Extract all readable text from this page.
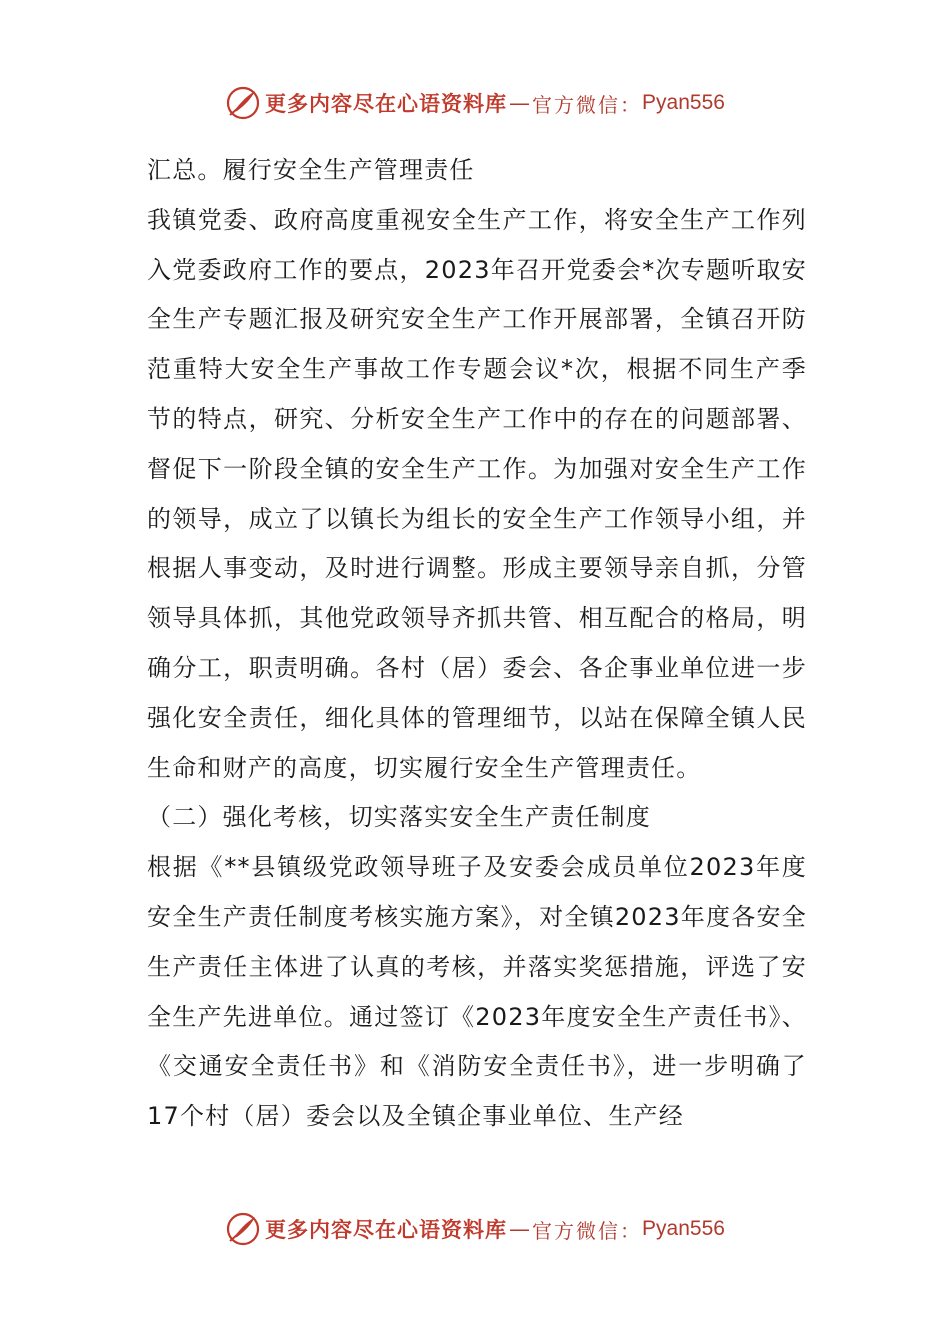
更多内容尽在心语资料库 — 官方微信： Pyan556

汇总。履行安全生产管理责任

我镇党委、政府高度重视安全生产工作，将安全生产工作列入党委政府工作的要点，2023年召开党委会*次专题听取安全生产专题汇报及研究安全生产工作开展部署，全镇召开防范重特大安全生产事故工作专题会议*次，根据不同生产季节的特点，研究、分析安全生产工作中的存在的问题部署、督促下一阶段全镇的安全生产工作。为加强对安全生产工作的领导，成立了以镇长为组长的安全生产工作领导小组，并根据人事变动，及时进行调整。形成主要领导亲自抓，分管领导具体抓，其他党政领导齐抓共管、相互配合的格局，明确分工，职责明确。各村（居）委会、各企事业单位进一步强化安全责任，细化具体的管理细节，以站在保障全镇人民生命和财产的高度，切实履行安全生产管理责任。

（二）强化考核，切实落实安全生产责任制度

根据《**县镇级党政领导班子及安委会成员单位2023年度安全生产责任制度考核实施方案》，对全镇2023年度各安全生产责任主体进了认真的考核，并落实奖惩措施，评选了安全生产先进单位。通过签订《2023年度安全生产责任书》、《交通安全责任书》和《消防安全责任书》，进一步明确了17个村（居）委会以及全镇企事业单位、生产经

更多内容尽在心语资料库 — 官方微信： Pyan556
